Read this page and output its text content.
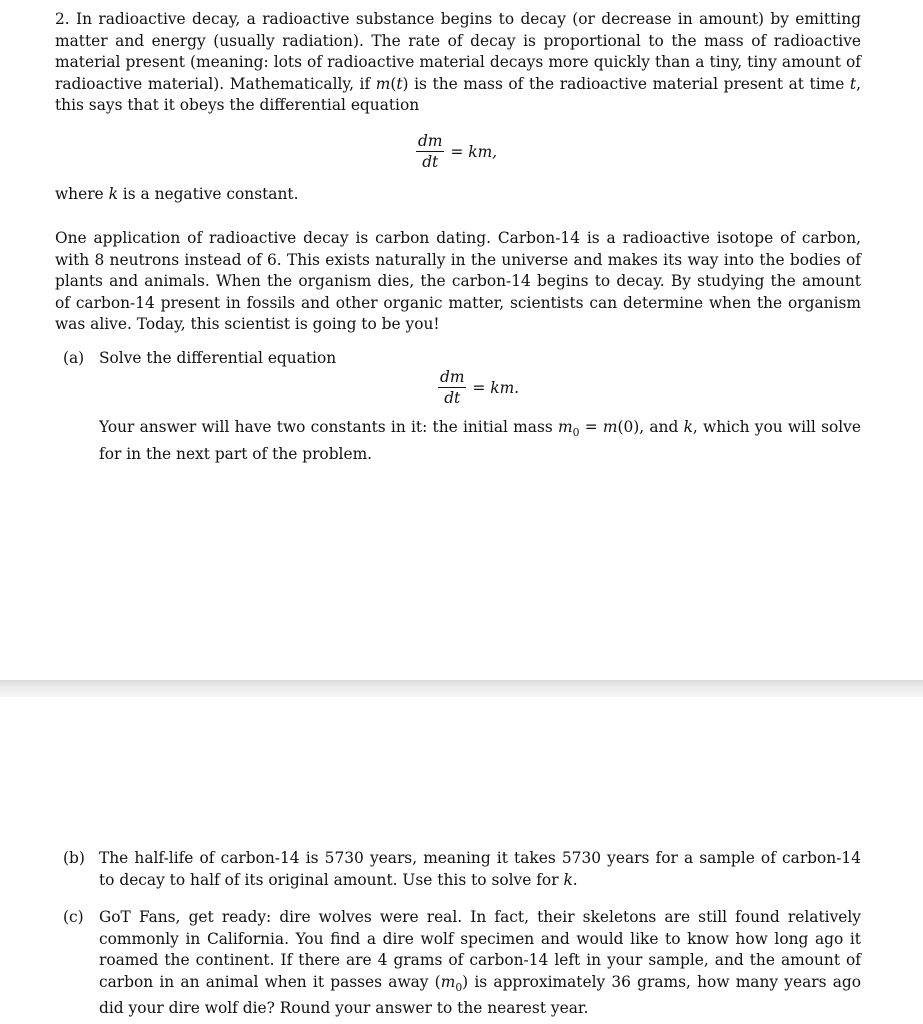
2. In radioactive decay, a radioactive substance begins to decay (or decrease in amount) by emitting matter and energy (usually radiation). The rate of decay is proportional to the mass of radioactive material present (meaning: lots of radioactive material decays more quickly than a tiny, tiny amount of radioactive material). Mathematically, if m(t) is the mass of the radioactive material present at time t, this says that it obeys the differential equation

$\frac{dm}{dt}$ = km,

where k is a negative constant.

One application of radioactive decay is carbon dating. Carbon-14 is a radioactive isotope of carbon, with 8 neutrons instead of 6. This exists naturally in the universe and makes its way into the bodies of plants and animals. When the organism dies, the carbon-14 begins to decay. By studying the amount of carbon-14 present in fossils and other organic matter, scientists can determine when the organism was alive. Today, this scientist is going to be you!

(a) Solve the differential equation
$\frac{dm}{dt}$ = km.
Your answer will have two constants in it: the initial mass $m_0 = m(0)$, and k, which you will solve for in the next part of the problem.
(b) The half-life of carbon-14 is 5730 years, meaning it takes 5730 years for a sample of carbon-14 to decay to half of its original amount. Use this to solve for k.
(c) GoT Fans, get ready: dire wolves were real. In fact, their skeletons are still found relatively commonly in California. You find a dire wolf specimen and would like to know how long ago it roamed the continent. If there are 4 grams of carbon-14 left in your sample, and the amount of carbon in an animal when it passes away $(m_0)$ is approximately 36 grams, how many years ago did your dire wolf die? Round your answer to the nearest year.
